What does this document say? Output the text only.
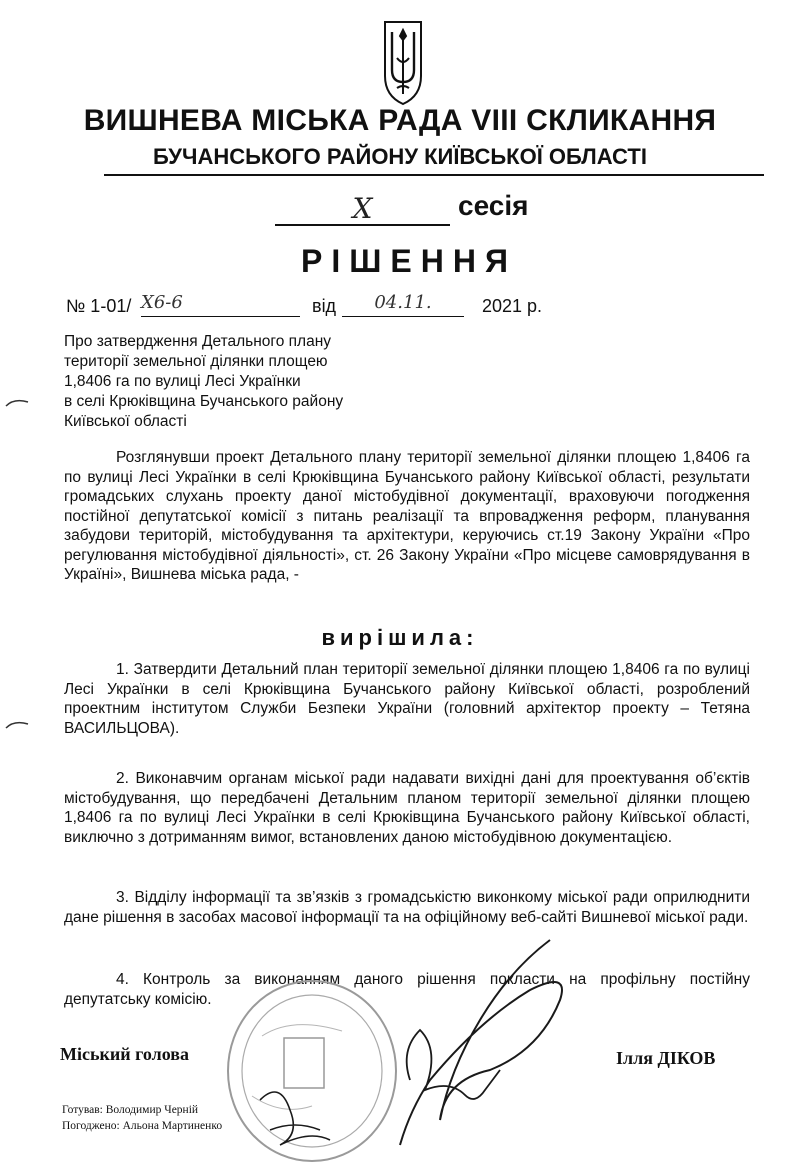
ВИШНЕВА МІСЬКА РАДА VIII СКЛИКАННЯ
БУЧАНСЬКОГО РАЙОНУ КИЇВСЬКОЇ ОБЛАСТІ
X	сесія
РІШЕННЯ
№ 1-01/ Х6-6	від	04.11.	2021 р.
Про затвердження Детального плану
території земельної ділянки площею
1,8406 га по вулиці Лесі Українки
в селі Крюківщина Бучанського району
Київської області

Розглянувши проект Детального плану території земельної ділянки площею 1,8406 га по вулиці Лесі Українки в селі Крюківщина Бучанського району Київської області, результати громадських слухань проекту даної містобудівної документації, враховуючи погодження постійної депутатської комісії з питань реалізації та впровадження реформ, планування забудови територій, містобудування та архітектури, керуючись ст.19 Закону України «Про регулювання містобудівної діяльності», ст. 26 Закону України «Про місцеве самоврядування в Україні», Вишнева міська рада, -

вирішила:

1. Затвердити Детальний план території земельної ділянки площею 1,8406 га по вулиці Лесі Українки в селі Крюківщина Бучанського району Київської області, розроблений проектним інститутом Служби Безпеки України (головний архітектор проекту – Тетяна ВАСИЛЬЦОВА).

2. Виконавчим органам міської ради надавати вихідні дані для проектування об’єктів містобудування, що передбачені Детальним планом території земельної ділянки площею 1,8406 га по вулиці Лесі Українки в селі Крюківщина Бучанського району Київської області, виключно з дотриманням вимог, встановлених даною містобудівною документацією.

3. Відділу інформації та зв’язків з громадськістю виконкому міської ради оприлюднити дане рішення в засобах масової інформації та на офіційному веб-сайті Вишневої міської ради.

4. Контроль за виконанням даного рішення покласти на профільну постійну депутатську комісію.

Міський голова	Ілля ДІКОВ
Готував: Володимир Черній
Погоджено: Альона Мартиненко
